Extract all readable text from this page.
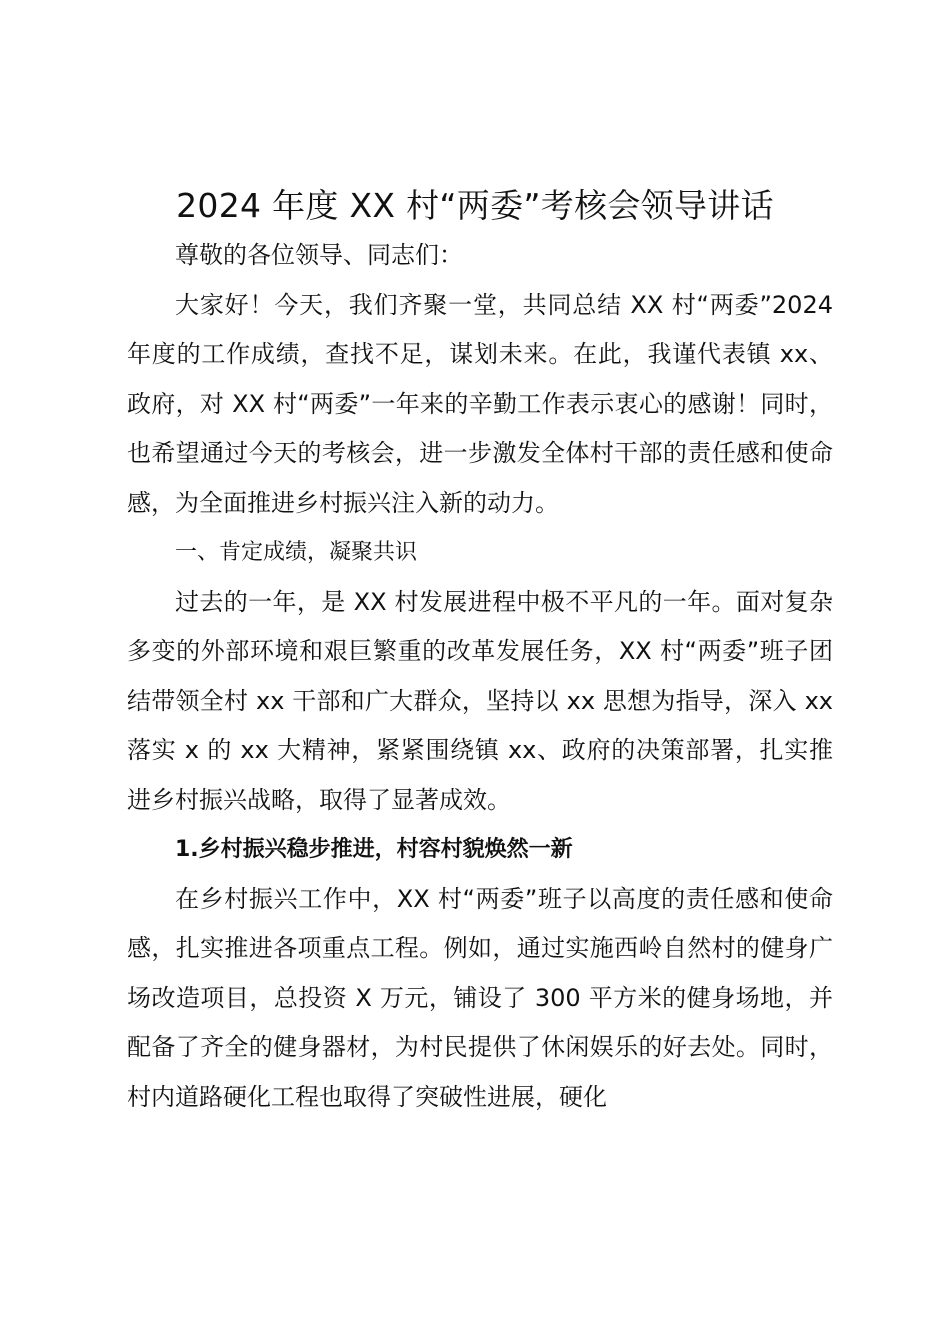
2024 年度 XX 村“两委”考核会领导讲话

尊敬的各位领导、同志们：

大家好！今天，我们齐聚一堂，共同总结 XX 村“两委”2024 年度的工作成绩，查找不足，谋划未来。在此，我谨代表镇 xx、政府，对 XX 村“两委”一年来的辛勤工作表示衷心的感谢！同时，也希望通过今天的考核会，进一步激发全体村干部的责任感和使命感，为全面推进乡村振兴注入新的动力。

一、肯定成绩，凝聚共识

过去的一年，是 XX 村发展进程中极不平凡的一年。面对复杂多变的外部环境和艰巨繁重的改革发展任务，XX 村“两委”班子团结带领全村 xx 干部和广大群众，坚持以 xx 思想为指导，深入 xx 落实 x 的 xx 大精神，紧紧围绕镇 xx、政府的决策部署，扎实推进乡村振兴战略，取得了显著成效。

1.乡村振兴稳步推进，村容村貌焕然一新

在乡村振兴工作中，XX 村“两委”班子以高度的责任感和使命感，扎实推进各项重点工程。例如，通过实施西岭自然村的健身广场改造项目，总投资 X 万元，铺设了 300 平方米的健身场地，并配备了齐全的健身器材，为村民提供了休闲娱乐的好去处。同时，村内道路硬化工程也取得了突破性进展，硬化
